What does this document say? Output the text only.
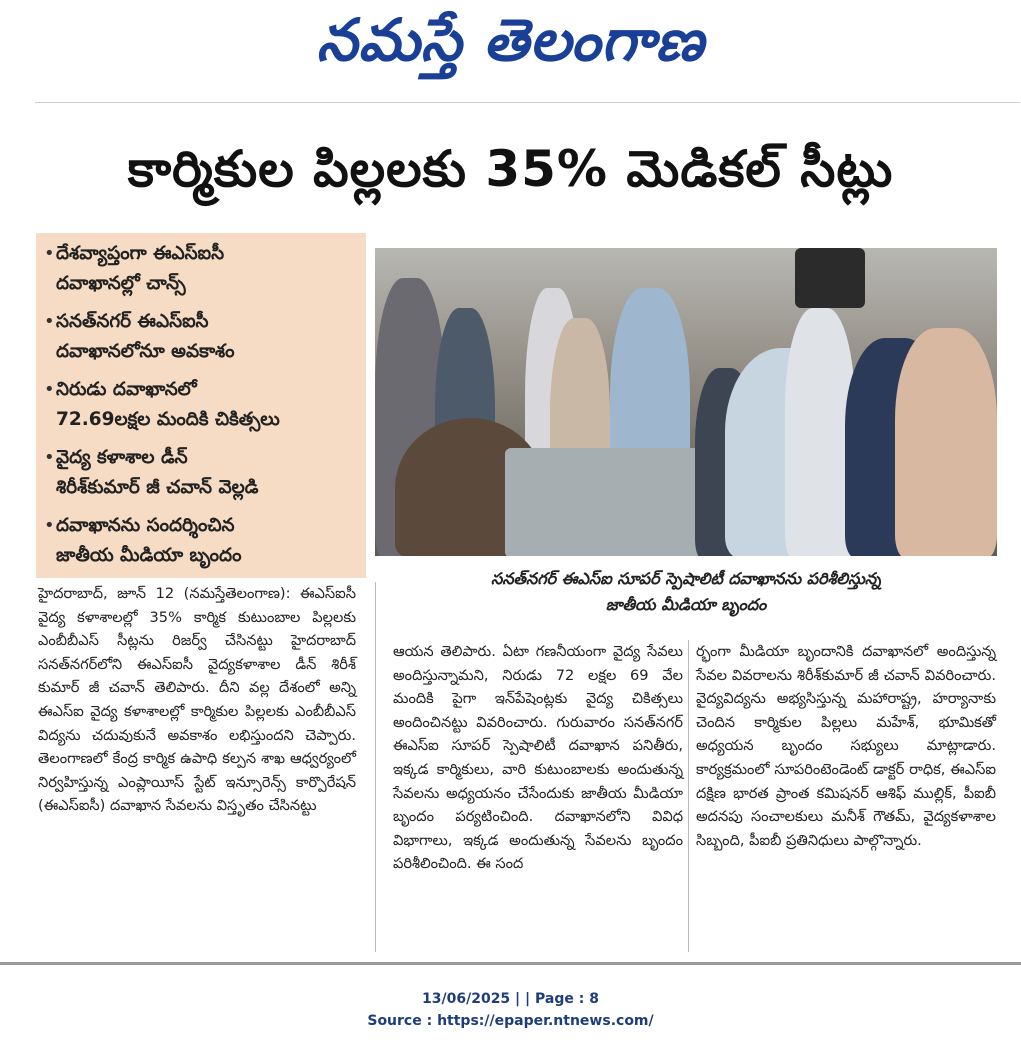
నమస్తే తెలంగాణ
కార్మికుల పిల్లలకు 35% మెడికల్ సీట్లు
• దేశవ్యాప్తంగా ఈఎస్ఐసీ
దవాఖానల్లో చాన్స్
• సనత్‌నగర్ ఈఎస్ఐసీ
దవాఖానలోనూ అవకాశం
• నిరుడు దవాఖానలో
72.69లక్షల మందికి చికిత్సలు
• వైద్య కళాశాల డీన్
శిరీశ్‌కుమార్ జీ చవాన్ వెల్లడి
• దవాఖానను సందర్శించిన
జాతీయ మీడియా బృందం
సనత్‌నగర్ ఈఎస్ఐ సూపర్ స్పెషాలిటీ దవాఖానను పరిశీలిస్తున్న
జాతీయ మీడియా బృందం

హైదరాబాద్, జూన్ 12 (నమస్తేతెలంగాణ): ఈఎస్ఐసీ వైద్య కళాశాలల్లో 35% కార్మిక కుటుంబాల పిల్లలకు ఎంబీబీఎస్ సీట్లను రిజర్వ్ చేసినట్టు హైదరాబాద్ సనత్‌నగర్‌లోని ఈఎస్ఐసీ వైద్యకళాశాల డీన్ శిరీశ్ కుమార్ జీ చవాన్ తెలిపారు. దీని వల్ల దేశంలో అన్ని ఈఎస్ఐ వైద్య కళాశాలల్లో కార్మికుల పిల్లలకు ఎంబీబీఎస్ విద్యను చదువుకునే అవకాశం లభిస్తుందని చెప్పారు. తెలంగాణలో కేంద్ర కార్మిక ఉపాధి కల్పన శాఖ ఆధ్వర్యంలో నిర్వహిస్తున్న ఎంప్లాయీస్ స్టేట్ ఇన్సూరెన్స్ కార్పొరేషన్ (ఈఎస్ఐసీ) దవాఖాన సేవలను విస్తృతం చేసినట్టు

ఆయన తెలిపారు. ఏటా గణనీయంగా వైద్య సేవలు అందిస్తున్నామని, నిరుడు 72 లక్షల 69 వేల మందికి పైగా ఇన్‌పేషెంట్లకు వైద్య చికిత్సలు అందించినట్టు వివరించారు. గురువారం సనత్‌నగర్ ఈఎస్ఐ సూపర్ స్పెషాలిటీ దవాఖాన పనితీరు, ఇక్కడ కార్మికులు, వారి కుటుంబాలకు అందుతున్న సేవలను అధ్యయనం చేసేందుకు జాతీయ మీడియా బృందం పర్యటించింది. దవాఖానలోని వివిధ విభాగాలు, ఇక్కడ అందుతున్న సేవలను బృందం పరిశీలించింది. ఈ సంద

ర్భంగా మీడియా బృందానికి దవాఖానలో అందిస్తున్న సేవల వివరాలను శిరీశ్‌కుమార్ జీ చవాన్ వివరించారు. వైద్యవిద్యను అభ్యసిస్తున్న మహారాష్ట్ర, హర్యానాకు చెందిన కార్మికుల పిల్లలు మహేశ్, భూమికతో అధ్యయన బృందం సభ్యులు మాట్లాడారు. కార్యక్రమంలో సూపరింటెండెంట్ డాక్టర్ రాధిక, ఈఎస్ఐ దక్షిణ భారత ప్రాంత కమిషనర్ ఆశిఫ్ ముల్లిక్, పీఐబీ అదనపు సంచాలకులు మనీశ్ గౌతమ్, వైద్యకళాశాల సిబ్బంది, పీఐబీ ప్రతినిధులు పాల్గొన్నారు.

13/06/2025 | | Page : 8
Source : https://epaper.ntnews.com/
